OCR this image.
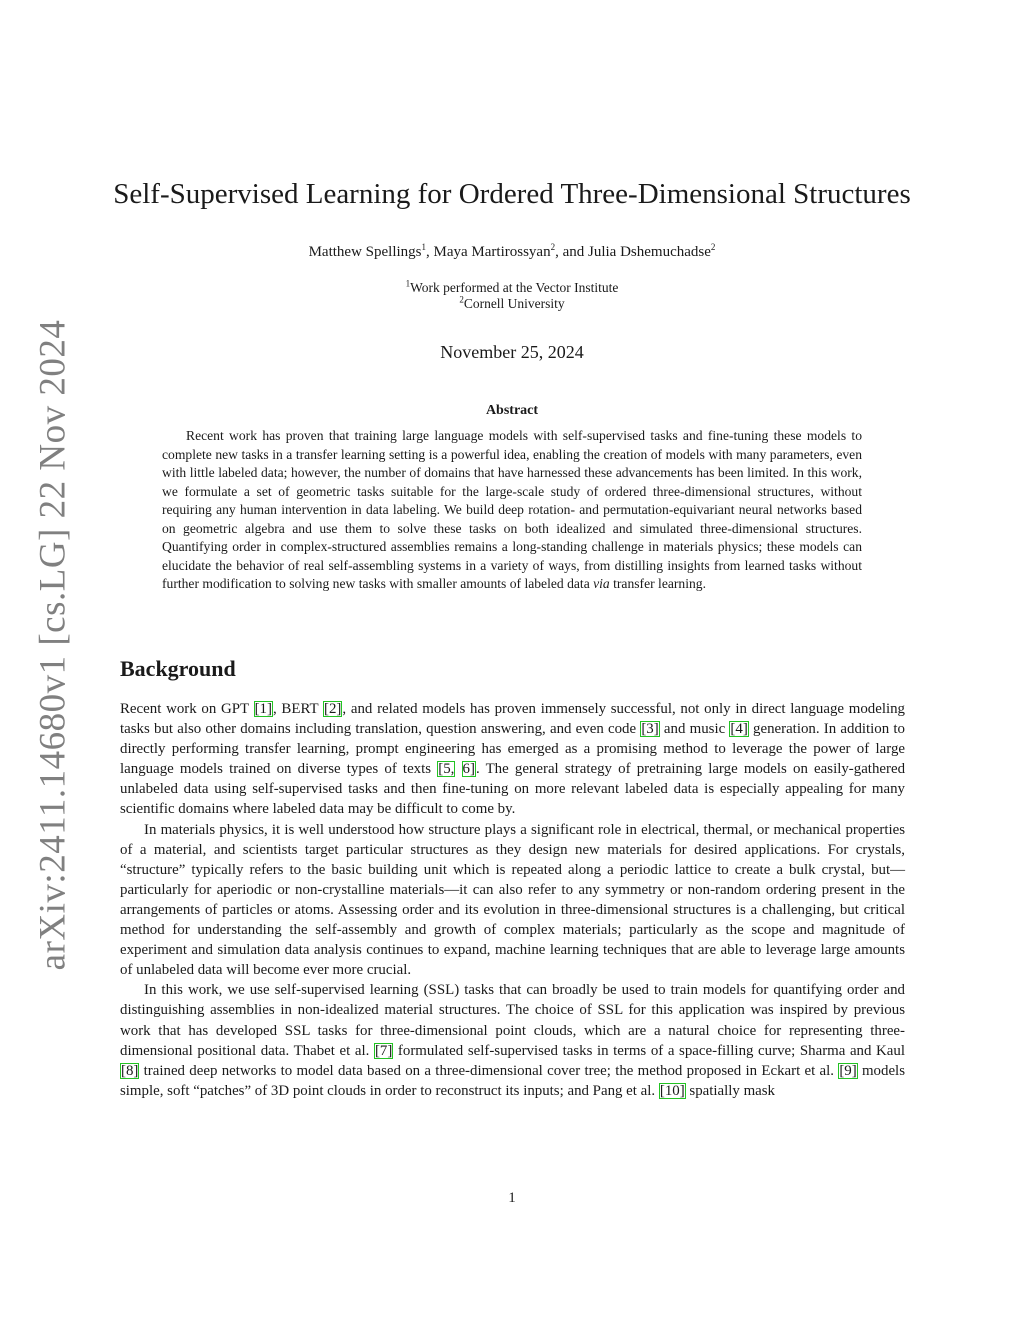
arXiv:2411.14680v1 [cs.LG] 22 Nov 2024
Self-Supervised Learning for Ordered Three-Dimensional Structures
Matthew Spellings$^1$, Maya Martirossyan$^2$, and Julia Dshemuchadse$^2$
$^1$Work performed at the Vector Institute
$^2$Cornell University
November 25, 2024
Abstract

Recent work has proven that training large language models with self-supervised tasks and fine-tuning these models to complete new tasks in a transfer learning setting is a powerful idea, enabling the creation of models with many parameters, even with little labeled data; however, the number of domains that have harnessed these advancements has been limited. In this work, we formulate a set of geometric tasks suitable for the large-scale study of ordered three-dimensional structures, without requiring any human intervention in data labeling. We build deep rotation- and permutation-equivariant neural networks based on geometric algebra and use them to solve these tasks on both idealized and simulated three-dimensional structures. Quantifying order in complex-structured assemblies remains a long-standing challenge in materials physics; these models can elucidate the behavior of real self-assembling systems in a variety of ways, from distilling insights from learned tasks without further modification to solving new tasks with smaller amounts of labeled data via transfer learning.

Background

Recent work on GPT [1], BERT [2], and related models has proven immensely successful, not only in direct language modeling tasks but also other domains including translation, question answering, and even code [3] and music [4] generation. In addition to directly performing transfer learning, prompt engineering has emerged as a promising method to leverage the power of large language models trained on diverse types of texts [5, 6]. The general strategy of pretraining large models on easily-gathered unlabeled data using self-supervised tasks and then fine-tuning on more relevant labeled data is especially appealing for many scientific domains where labeled data may be difficult to come by.

In materials physics, it is well understood how structure plays a significant role in electrical, thermal, or mechanical properties of a material, and scientists target particular structures as they design new materials for desired applications. For crystals, “structure” typically refers to the basic building unit which is repeated along a periodic lattice to create a bulk crystal, but—particularly for aperiodic or non-crystalline materials—it can also refer to any symmetry or non-random ordering present in the arrangements of particles or atoms. Assessing order and its evolution in three-dimensional structures is a challenging, but critical method for understanding the self-assembly and growth of complex materials; particularly as the scope and magnitude of experiment and simulation data analysis continues to expand, machine learning techniques that are able to leverage large amounts of unlabeled data will become ever more crucial.

In this work, we use self-supervised learning (SSL) tasks that can broadly be used to train models for quantifying order and distinguishing assemblies in non-idealized material structures. The choice of SSL for this application was inspired by previous work that has developed SSL tasks for three-dimensional point clouds, which are a natural choice for representing three-dimensional positional data. Thabet et al. [7] formulated self-supervised tasks in terms of a space-filling curve; Sharma and Kaul [8] trained deep networks to model data based on a three-dimensional cover tree; the method proposed in Eckart et al. [9] models simple, soft “patches” of 3D point clouds in order to reconstruct its inputs; and Pang et al. [10] spatially mask

1
